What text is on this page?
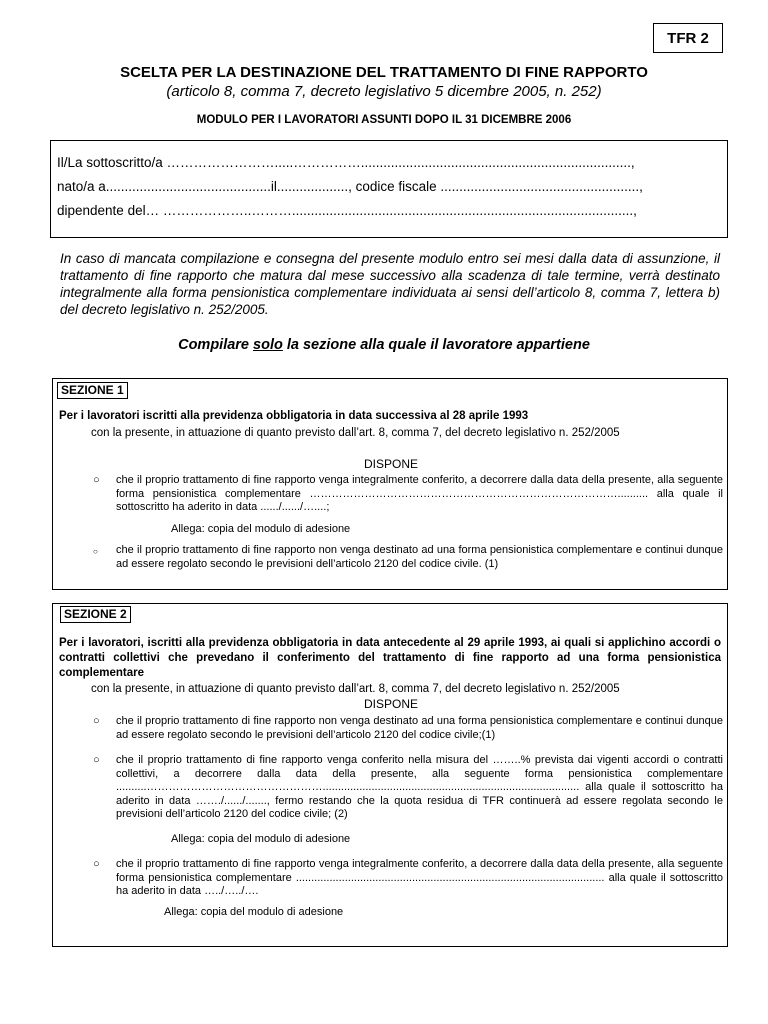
TFR 2
SCELTA PER LA DESTINAZIONE DEL TRATTAMENTO DI FINE RAPPORTO
(articolo 8, comma 7, decreto legislativo 5 dicembre 2005, n. 252)
MODULO PER I LAVORATORI ASSUNTI DOPO IL 31 DICEMBRE 2006
Il/La sottoscritto/a …………………….....……………........................................................................,
nato/a a............................................il..................., codice fiscale .....................................................,
dipendente del… ………………..………...........................................................................................,
In caso di mancata compilazione e consegna del presente modulo entro sei mesi dalla data di assunzione, il trattamento di fine rapporto che matura dal mese successivo alla scadenza di tale termine, verrà destinato integralmente alla forma pensionistica complementare individuata ai sensi dell’articolo 8, comma 7, lettera b) del decreto legislativo n. 252/2005.
Compilare solo la sezione alla quale il lavoratore appartiene
SEZIONE 1
Per i lavoratori iscritti alla previdenza obbligatoria in data successiva al 28 aprile 1993
con la presente, in attuazione di quanto previsto dall’art. 8, comma 7, del decreto legislativo n. 252/2005
DISPONE
○ che il proprio trattamento di fine rapporto venga integralmente conferito, a decorrere dalla data della presente, alla seguente forma pensionistica complementare ………………………………………………………………………….......... alla quale il sottoscritto ha aderito in data ....../....../…....;
Allega: copia del modulo di adesione
○ che il proprio trattamento di fine rapporto non venga destinato ad una forma pensionistica complementare e continui dunque ad essere regolato secondo le previsioni dell’articolo 2120 del codice civile. (1)
SEZIONE 2
Per i lavoratori, iscritti alla previdenza obbligatoria in data antecedente al 29 aprile 1993, ai quali si applichino accordi o contratti collettivi che prevedano il conferimento del trattamento di fine rapporto ad una forma pensionistica complementare
con la presente, in attuazione di quanto previsto dall’art. 8, comma 7, del decreto legislativo n. 252/2005
DISPONE
○ che il proprio trattamento di fine rapporto non venga destinato ad una forma pensionistica complementare e continui dunque ad essere regolato secondo le previsioni dell’articolo 2120 del codice civile;(1)
○ che il proprio trattamento di fine rapporto venga conferito nella misura del ……..% prevista dai vigenti accordi o contratti collettivi, a decorrere dalla data della presente, alla seguente forma pensionistica complementare ..........………………………………………….................................................................................... alla quale il sottoscritto ha aderito in data ……./....../......., fermo restando che la quota residua di TFR continuerà ad essere regolata secondo le previsioni dell’articolo 2120 del codice civile; (2)
Allega: copia del modulo di adesione
○ che il proprio trattamento di fine rapporto venga integralmente conferito, a decorrere dalla data della presente, alla seguente forma pensionistica complementare ..................................................................................................... alla quale il sottoscritto ha aderito in data …../…../….
Allega: copia del modulo di adesione
